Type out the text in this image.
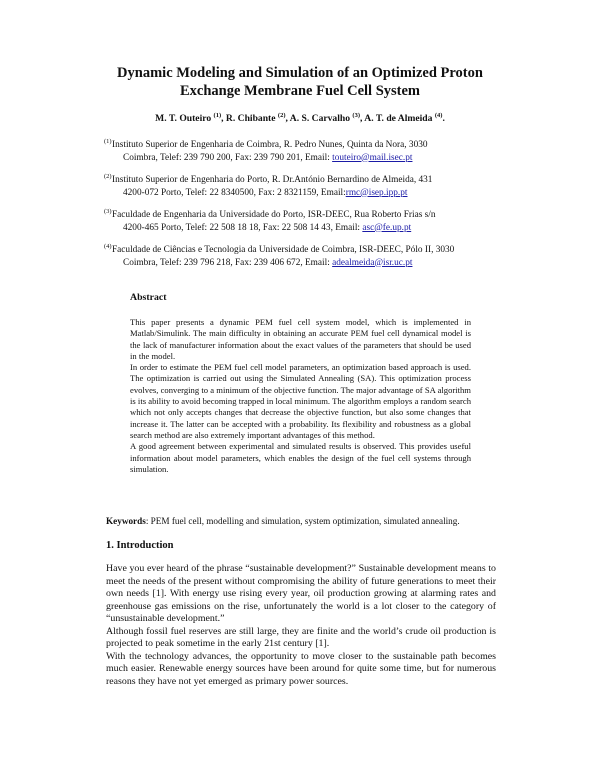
Dynamic Modeling and Simulation of an Optimized Proton
Exchange Membrane Fuel Cell System
M. T. Outeiro $^{(1)}$, R. Chibante $^{(2)}$, A. S. Carvalho $^{(3)}$, A. T. de Almeida $^{(4)}$.
(1) Instituto Superior de Engenharia de Coimbra, R. Pedro Nunes, Quinta da Nora, 3030
Coimbra, Telef: 239 790 200, Fax: 239 790 201, Email: touteiro@mail.isec.pt
(2) Instituto Superior de Engenharia do Porto, R. Dr.António Bernardino de Almeida, 431
4200-072 Porto, Telef: 22 8340500, Fax: 2 8321159, Email:rmc@isep.ipp.pt
(3) Faculdade de Engenharia da Universidade do Porto, ISR-DEEC, Rua Roberto Frias s/n
4200-465 Porto, Telef: 22 508 18 18, Fax: 22 508 14 43, Email: asc@fe.up.pt
(4) Faculdade de Ciências e Tecnologia da Universidade de Coimbra, ISR-DEEC, Pólo II, 3030
Coimbra, Telef: 239 796 218, Fax: 239 406 672, Email: adealmeida@isr.uc.pt
Abstract

This paper presents a dynamic PEM fuel cell system model, which is implemented in Matlab/Simulink. The main difficulty in obtaining an accurate PEM fuel cell dynamical model is the lack of manufacturer information about the exact values of the parameters that should be used in the model.

In order to estimate the PEM fuel cell model parameters, an optimization based approach is used. The optimization is carried out using the Simulated Annealing (SA). This optimization process evolves, converging to a minimum of the objective function. The major advantage of SA algorithm is its ability to avoid becoming trapped in local minimum. The algorithm employs a random search which not only accepts changes that decrease the objective function, but also some changes that increase it. The latter can be accepted with a probability. Its flexibility and robustness as a global search method are also extremely important advantages of this method.

A good agreement between experimental and simulated results is observed. This provides useful information about model parameters, which enables the design of the fuel cell systems through simulation.

Keywords: PEM fuel cell, modelling and simulation, system optimization, simulated annealing.
1. Introduction

Have you ever heard of the phrase “sustainable development?” Sustainable development means to meet the needs of the present without compromising the ability of future generations to meet their own needs [1]. With energy use rising every year, oil production growing at alarming rates and greenhouse gas emissions on the rise, unfortunately the world is a lot closer to the category of “unsustainable development.”

Although fossil fuel reserves are still large, they are finite and the world’s crude oil production is projected to peak sometime in the early 21st century [1].

With the technology advances, the opportunity to move closer to the sustainable path becomes much easier. Renewable energy sources have been around for quite some time, but for numerous reasons they have not yet emerged as primary power sources.
